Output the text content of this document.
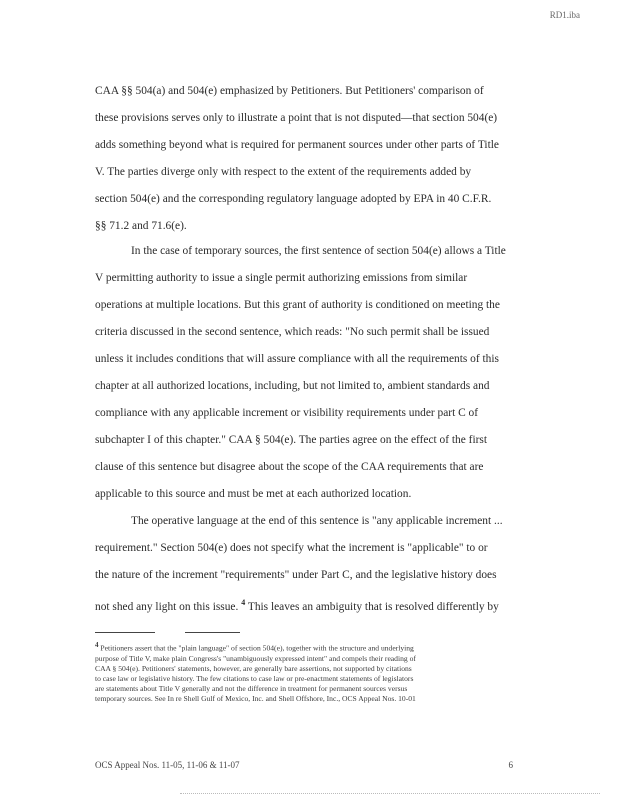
RD1.iba

CAA §§ 504(a) and 504(e) emphasized by Petitioners. But Petitioners' comparison of
these provisions serves only to illustrate a point that is not disputed—that section 504(e)
adds something beyond what is required for permanent sources under other parts of Title
V. The parties diverge only with respect to the extent of the requirements added by
section 504(e) and the corresponding regulatory language adopted by EPA in 40 C.F.R.
§§ 71.2 and 71.6(e).

In the case of temporary sources, the first sentence of section 504(e) allows a Title
V permitting authority to issue a single permit authorizing emissions from similar
operations at multiple locations. But this grant of authority is conditioned on meeting the
criteria discussed in the second sentence, which reads: "No such permit shall be issued
unless it includes conditions that will assure compliance with all the requirements of this
chapter at all authorized locations, including, but not limited to, ambient standards and
compliance with any applicable increment or visibility requirements under part C of
subchapter I of this chapter." CAA § 504(e). The parties agree on the effect of the first
clause of this sentence but disagree about the scope of the CAA requirements that are
applicable to this source and must be met at each authorized location.

The operative language at the end of this sentence is "any applicable increment ...
requirement." Section 504(e) does not specify what the increment is "applicable" to or
the nature of the increment "requirements" under Part C, and the legislative history does
not shed any light on this issue. $^4$ This leaves an ambiguity that is resolved differently by

$^4$ Petitioners assert that the "plain language" of section 504(e), together with the structure and underlying
purpose of Title V, make plain Congress's "unambiguously expressed intent" and compels their reading of
CAA § 504(e). Petitioners' statements, however, are generally bare assertions, not supported by citations
to case law or legislative history. The few citations to case law or pre-enactment statements of legislators
are statements about Title V generally and not the difference in treatment for permanent sources versus
temporary sources. See In re Shell Gulf of Mexico, Inc. and Shell Offshore, Inc., OCS Appeal Nos. 10-01
OCS Appeal Nos. 11-05, 11-06 & 11-07	6
